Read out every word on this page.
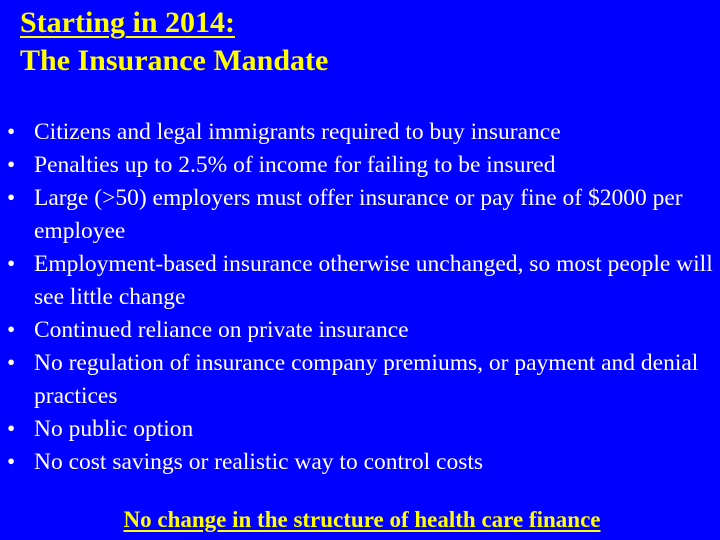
Starting in 2014:
The Insurance Mandate
• Citizens and legal immigrants required to buy insurance
• Penalties up to 2.5% of income for failing to be insured
• Large (>50) employers must offer insurance or pay fine of $2000 per employee
• Employment-based insurance otherwise unchanged, so most people will see little change
• Continued reliance on private insurance
• No regulation of insurance company premiums, or payment and denial practices
• No public option
• No cost savings or realistic way to control costs
No change in the structure of health care finance
